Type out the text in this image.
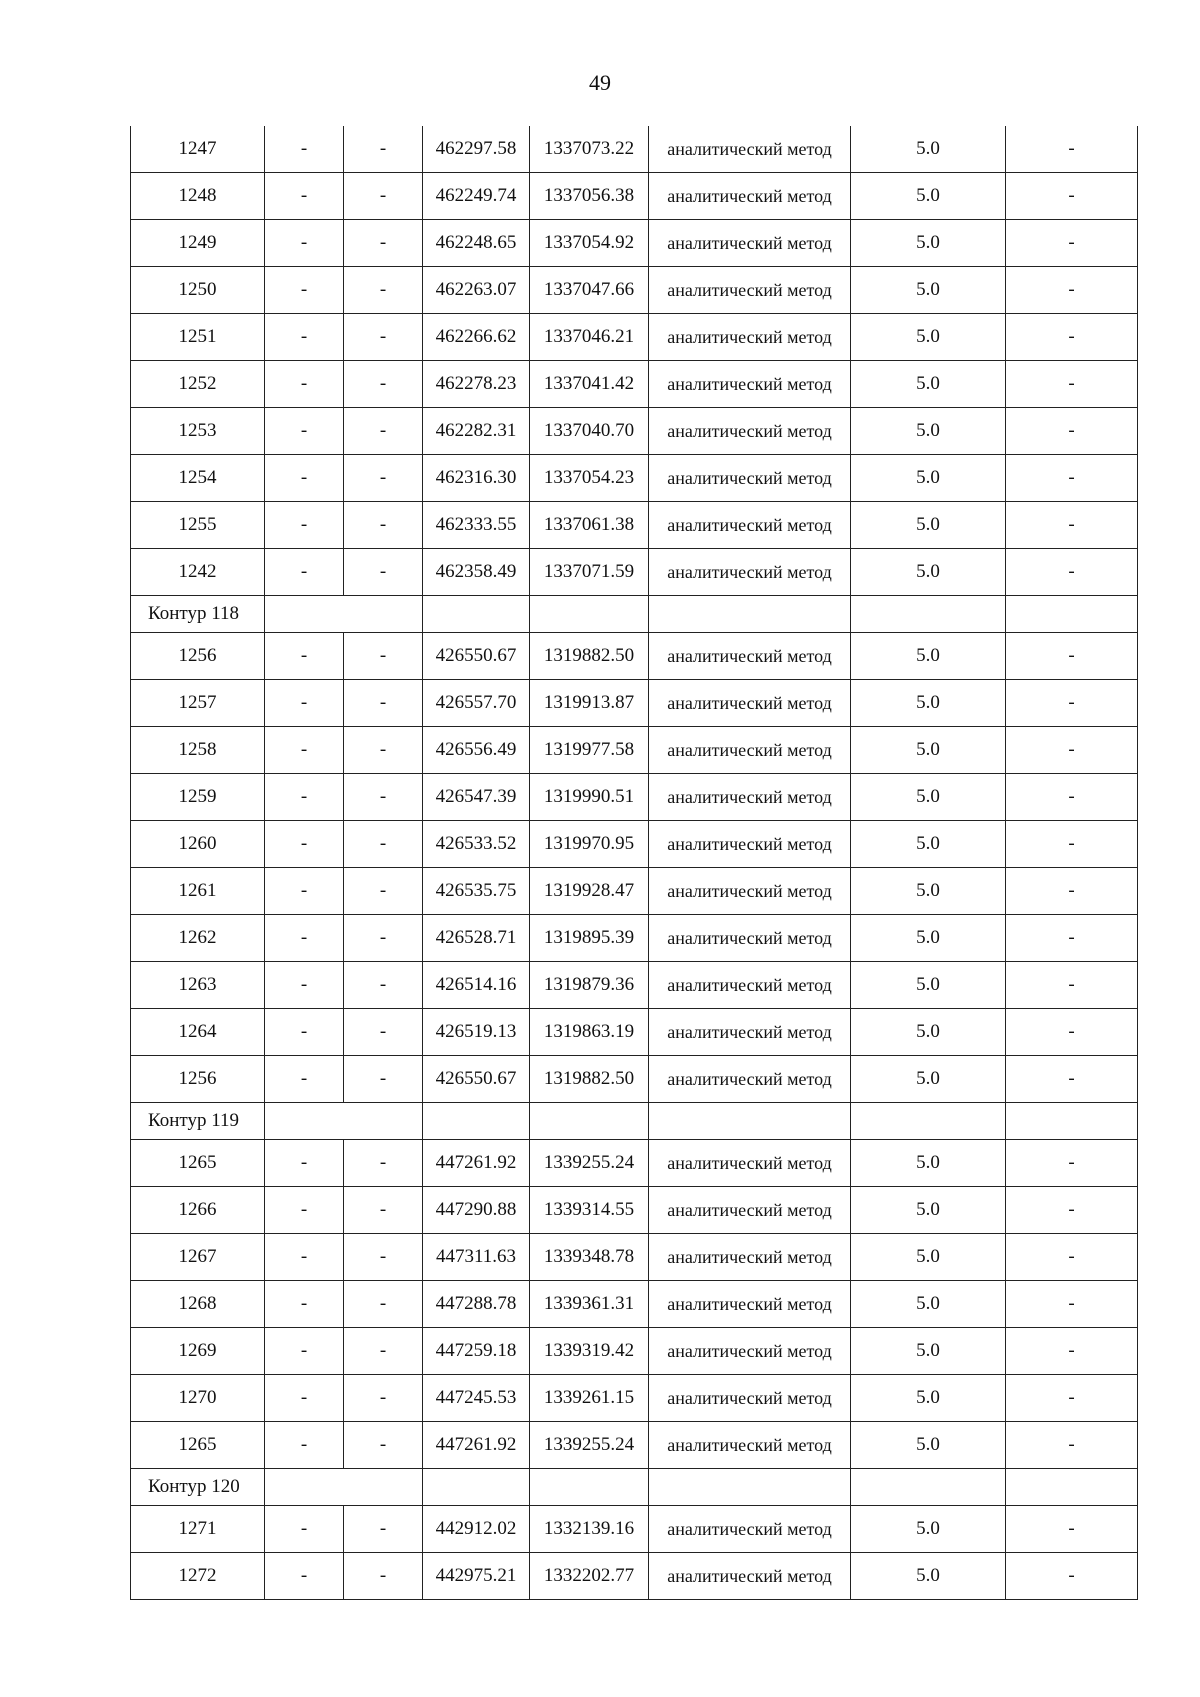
49
1247	-	-	462297.58	1337073.22	аналитический метод	5.0	-
1248	-	-	462249.74	1337056.38	аналитический метод	5.0	-
1249	-	-	462248.65	1337054.92	аналитический метод	5.0	-
1250	-	-	462263.07	1337047.66	аналитический метод	5.0	-
1251	-	-	462266.62	1337046.21	аналитический метод	5.0	-
1252	-	-	462278.23	1337041.42	аналитический метод	5.0	-
1253	-	-	462282.31	1337040.70	аналитический метод	5.0	-
1254	-	-	462316.30	1337054.23	аналитический метод	5.0	-
1255	-	-	462333.55	1337061.38	аналитический метод	5.0	-
1242	-	-	462358.49	1337071.59	аналитический метод	5.0	-
Контур 118							
1256	-	-	426550.67	1319882.50	аналитический метод	5.0	-
1257	-	-	426557.70	1319913.87	аналитический метод	5.0	-
1258	-	-	426556.49	1319977.58	аналитический метод	5.0	-
1259	-	-	426547.39	1319990.51	аналитический метод	5.0	-
1260	-	-	426533.52	1319970.95	аналитический метод	5.0	-
1261	-	-	426535.75	1319928.47	аналитический метод	5.0	-
1262	-	-	426528.71	1319895.39	аналитический метод	5.0	-
1263	-	-	426514.16	1319879.36	аналитический метод	5.0	-
1264	-	-	426519.13	1319863.19	аналитический метод	5.0	-
1256	-	-	426550.67	1319882.50	аналитический метод	5.0	-
Контур 119							
1265	-	-	447261.92	1339255.24	аналитический метод	5.0	-
1266	-	-	447290.88	1339314.55	аналитический метод	5.0	-
1267	-	-	447311.63	1339348.78	аналитический метод	5.0	-
1268	-	-	447288.78	1339361.31	аналитический метод	5.0	-
1269	-	-	447259.18	1339319.42	аналитический метод	5.0	-
1270	-	-	447245.53	1339261.15	аналитический метод	5.0	-
1265	-	-	447261.92	1339255.24	аналитический метод	5.0	-
Контур 120							
1271	-	-	442912.02	1332139.16	аналитический метод	5.0	-
1272	-	-	442975.21	1332202.77	аналитический метод	5.0	-
